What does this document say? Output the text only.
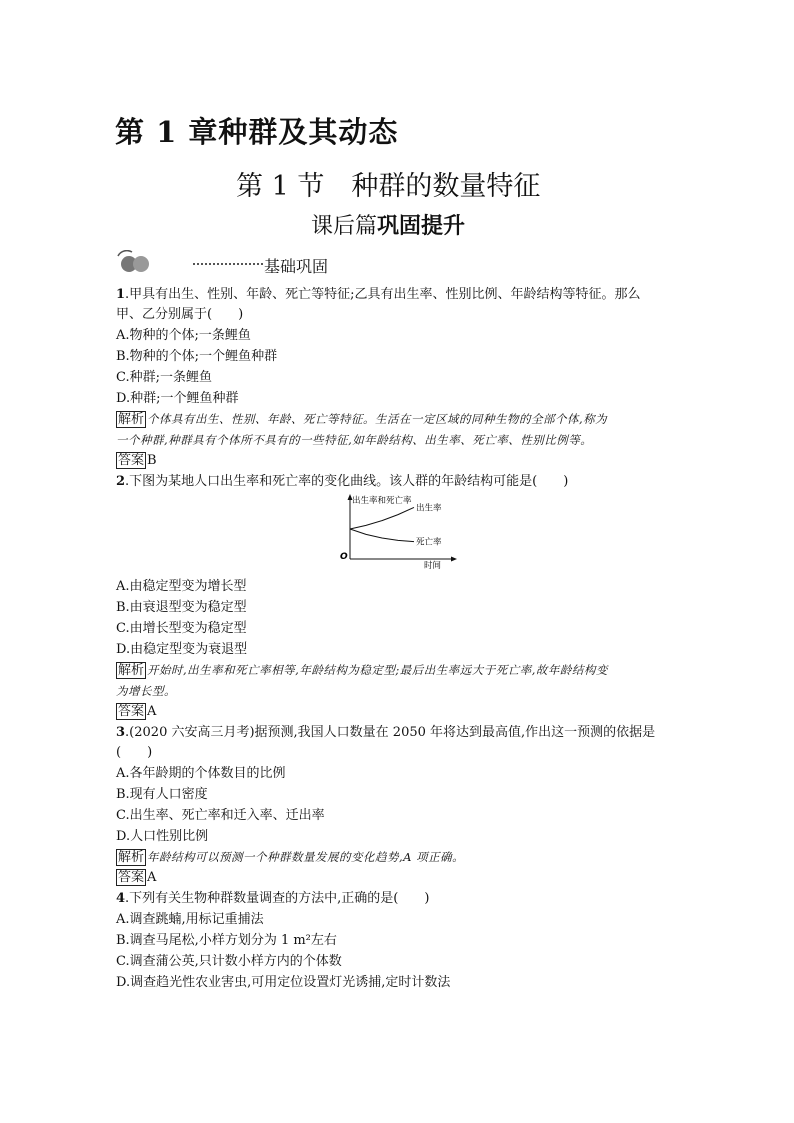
第 1 章种群及其动态
第 1 节　种群的数量特征
课后篇巩固提升
基础巩固
1.甲具有出生、性别、年龄、死亡等特征;乙具有出生率、性别比例、年龄结构等特征。那么
甲、乙分别属于(　　)
A.物种的个体;一条鲤鱼
B.物种的个体;一个鲤鱼种群
C.种群;一条鲤鱼
D.种群;一个鲤鱼种群
解析 个体具有出生、性别、年龄、死亡等特征。生活在一定区域的同种生物的全部个体,称为
一个种群,种群具有个体所不具有的一些特征,如年龄结构、出生率、死亡率、性别比例等。
答案 B
2.下图为某地人口出生率和死亡率的变化曲线。该人群的年龄结构可能是(　　)
出生率和死亡率
时间
O
出生率
死亡率
A.由稳定型变为增长型
B.由衰退型变为稳定型
C.由增长型变为稳定型
D.由稳定型变为衰退型
解析 开始时,出生率和死亡率相等,年龄结构为稳定型;最后出生率远大于死亡率,故年龄结构变
为增长型。
答案 A
3.(2020 六安高三月考)据预测,我国人口数量在 2050 年将达到最高值,作出这一预测的依据是
(　　)
A.各年龄期的个体数目的比例
B.现有人口密度
C.出生率、死亡率和迁入率、迁出率
D.人口性别比例
解析 年龄结构可以预测一个种群数量发展的变化趋势,A 项正确。
答案 A
4.下列有关生物种群数量调查的方法中,正确的是(　　)
A.调查跳蝻,用标记重捕法
B.调查马尾松,小样方划分为 1 m²左右
C.调查蒲公英,只计数小样方内的个体数
D.调查趋光性农业害虫,可用定位设置灯光诱捕,定时计数法
